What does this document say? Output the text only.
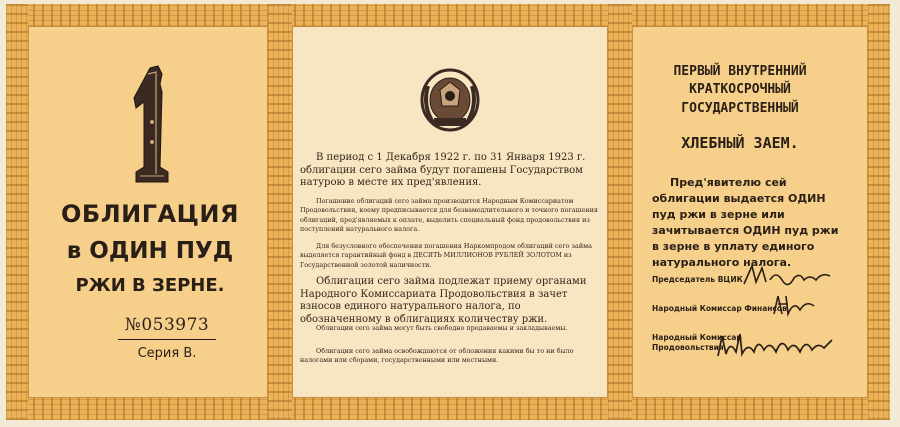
1
ОБЛИГАЦИЯ
в ОДИН ПУД
РЖИ В ЗЕРНЕ.
№053973
Серия В.
В период с 1 Декабря 1922 г. по 31 Января 1923 г. облигации сего займа будут погашены Государством натурою в месте их пред'явления.
Погашение облигаций сего займа производится Народным Комиссариатом Продовольствия, коему предписывается для безвамедлительного и точного погашения облигаций, пред'являемых к оплате, выделить специальный фонд продовольствия из поступлений натурального налога.
Для безусловного обеспечения погашения Наркомпродом облигаций сего займа выделяется гарантийный фонд в ДЕСЯТЬ МИЛЛИОНОВ РУБЛЕЙ ЗОЛОТОМ из Государственной золотой наличности.
Облигации сего займа подлежат приему органами Народного Комиссариата Продовольствия в зачет взносов единого натурального налога, по обозначенному в облигациях количеству ржи.
Облигации сего займа могут быть свободно продаваемы и закладываемы.
Облигации сего займа освобождаются от обложения какими бы то ни было налогами или сборами, государственными или местными.
ПЕРВЫЙ ВНУТРЕННИЙ
КРАТКОСРОЧНЫЙ
ГОСУДАРСТВЕННЫЙ
ХЛЕБНЫЙ ЗАЕМ.
Пред'явителю сей облигации выдается ОДИН пуд ржи в зерне или зачитывается ОДИН пуд ржи в зерне в уплату единого натурального налога.
Председатель ВЦИК
Народный Комиссар Финансов
Народный Комиссар
Продовольствия
